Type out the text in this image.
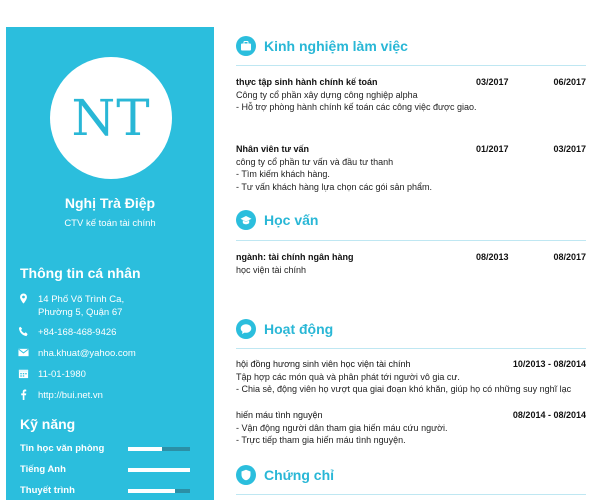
NT
Nghị Trà Điệp
CTV kế toán tài chính
Thông tin cá nhân
14 Phố Võ Trình Ca,
Phường 5, Quận 67
+84-168-468-9426
nha.khuat@yahoo.com
11-01-1980
http://bui.net.vn
Kỹ năng
Tin học văn phòng
Tiếng Anh
Thuyết trình
Kinh nghiệm làm việc
thực tập sinh hành chính kế toán	03/2017	06/2017

Công ty cổ phần xây dựng công nghiệp alpha

- Hỗ trợ phòng hành chính kế toán các công việc được giao.

Nhân viên tư vấn	01/2017	03/2017

công ty cổ phần tư vấn và đầu tư thanh

- Tìm kiếm khách hàng.

- Tư vấn khách hàng lựa chọn các gói sản phẩm.

Học vấn
ngành: tài chính ngân hàng	08/2013	08/2017

học viện tài chính

Hoạt động
hội đồng hương sinh viên học viện tài chính	10/2013 - 08/2014

Tập hợp các món quà và phân phát tới người vô gia cư.

- Chia sẻ, động viên họ vượt qua giai đoạn khó khăn, giúp họ có những suy nghĩ lạc

hiến máu tình nguyện	08/2014 - 08/2014

- Vận động người dân tham gia hiến máu cứu người.

- Trực tiếp tham gia hiến máu tình nguyện.

Chứng chỉ
